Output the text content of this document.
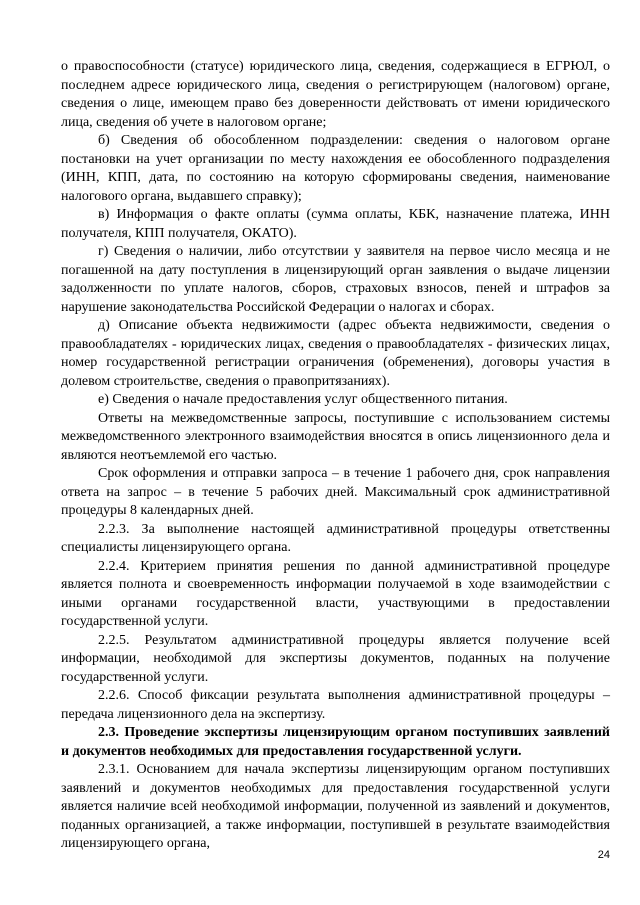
о правоспособности (статусе) юридического лица, сведения, содержащиеся в ЕГРЮЛ, о последнем адресе юридического лица, сведения о регистрирующем (налоговом) органе, сведения о лице, имеющем право без доверенности действовать от имени юридического лица, сведения об учете в налоговом органе;

б) Сведения об обособленном подразделении: сведения о налоговом органе постановки на учет организации по месту нахождения ее обособленного подразделения (ИНН, КПП, дата, по состоянию на которую сформированы сведения, наименование налогового органа, выдавшего справку);

в) Информация о факте оплаты (сумма оплаты, КБК, назначение платежа, ИНН получателя, КПП получателя, ОКАТО).

г) Сведения о наличии, либо отсутствии у заявителя на первое число месяца и не погашенной на дату поступления в лицензирующий орган заявления о выдаче лицензии задолженности по уплате налогов, сборов, страховых взносов, пеней и штрафов за нарушение законодательства Российской Федерации о налогах и сборах.

д) Описание объекта недвижимости (адрес объекта недвижимости, сведения о правообладателях - юридических лицах, сведения о правообладателях - физических лицах, номер государственной регистрации ограничения (обременения), договоры участия в долевом строительстве, сведения о правопритязаниях).

е) Сведения о начале предоставления услуг общественного питания.

Ответы на межведомственные запросы, поступившие с использованием системы межведомственного электронного взаимодействия вносятся в опись лицензионного дела и являются неотъемлемой его частью.

Срок оформления и отправки запроса – в течение 1 рабочего дня, срок направления ответа на запрос – в течение 5 рабочих дней. Максимальный срок административной процедуры 8 календарных дней.

2.2.3. За выполнение настоящей административной процедуры ответственны специалисты лицензирующего органа.

2.2.4. Критерием принятия решения по данной административной процедуре является полнота и своевременность информации получаемой в ходе взаимодействии с иными органами государственной власти, участвующими в предоставлении государственной услуги.

2.2.5. Результатом административной процедуры является получение всей информации, необходимой для экспертизы документов, поданных на получение государственной услуги.

2.2.6. Способ фиксации результата выполнения административной процедуры – передача лицензионного дела на экспертизу.

2.3. Проведение экспертизы лицензирующим органом поступивших заявлений и документов необходимых для предоставления государственной услуги.

2.3.1. Основанием для начала экспертизы лицензирующим органом поступивших заявлений и документов необходимых для предоставления государственной услуги является наличие всей необходимой информации, полученной из заявлений и документов, поданных организацией, а также информации, поступившей в результате взаимодействия лицензирующего органа,

24
